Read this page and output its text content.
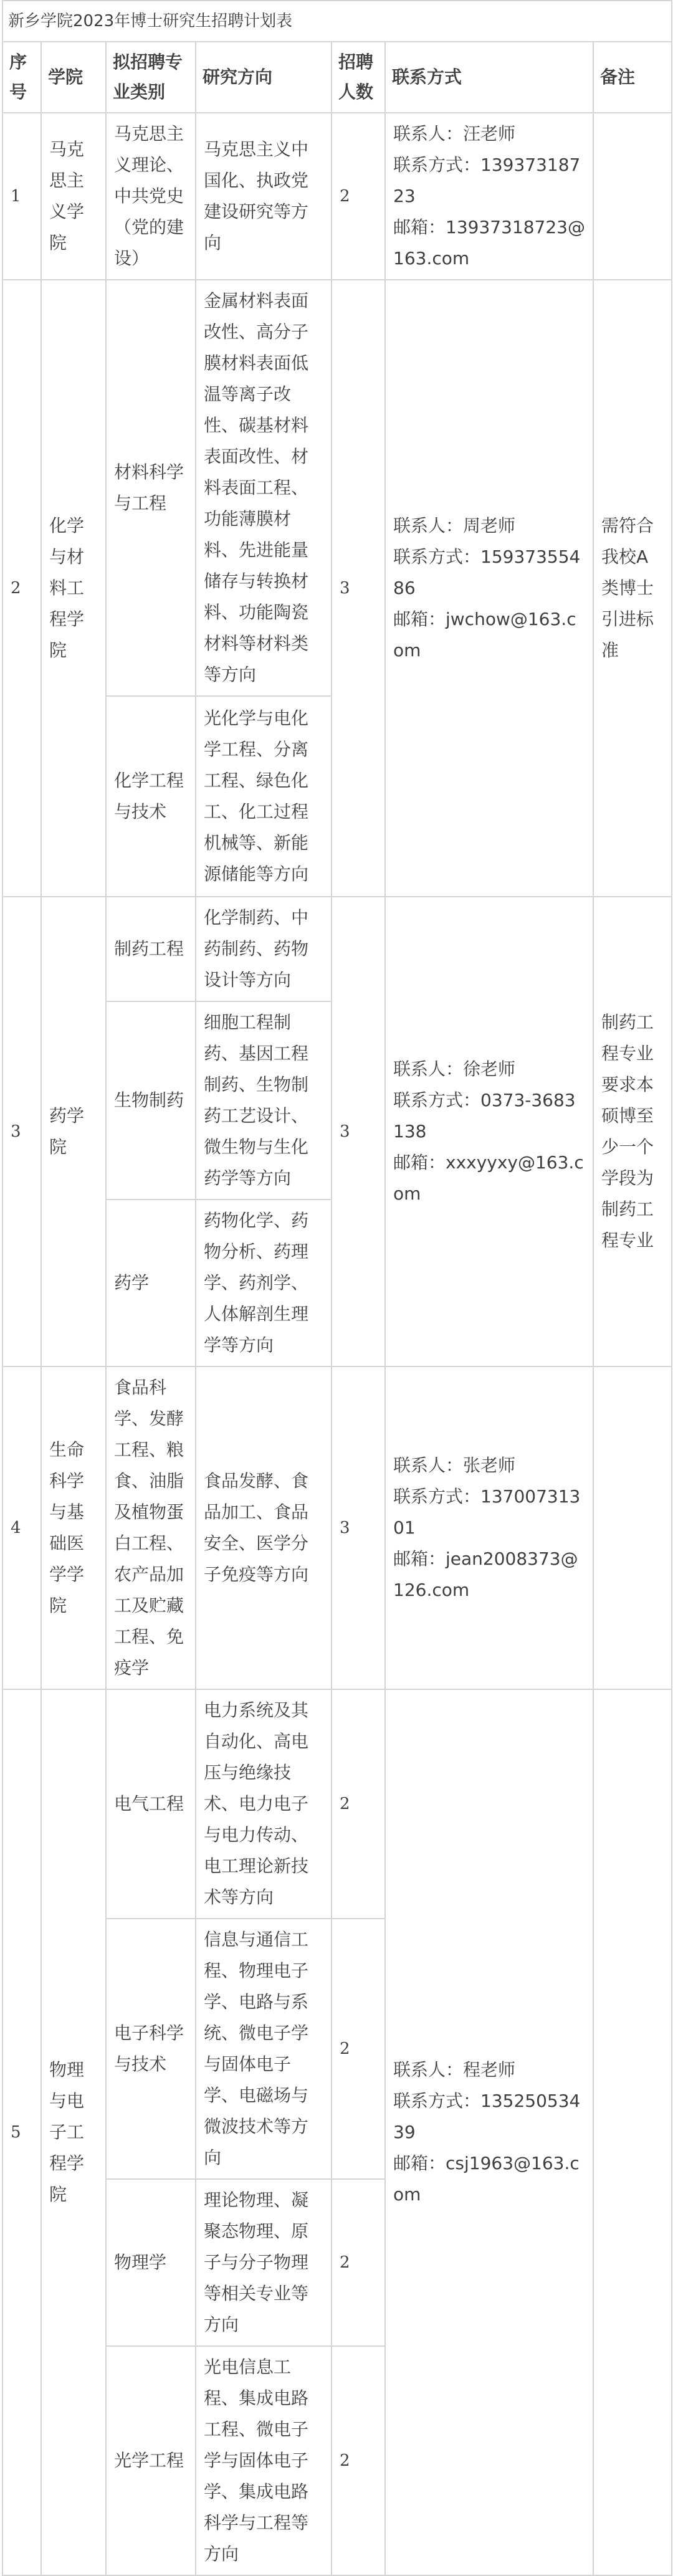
新乡学院2023年博士研究生招聘计划表						
序号	学院	拟招聘专业类别	研究方向	招聘人数	联系方式	备注
1	马克思主义学院	马克思主义理论、中共党史（党的建设）	马克思主义中国化、执政党建设研究等方向	2	联系人：汪老师
联系方式：13937318723
邮箱：13937318723@163.com	

2	化学与材料工程学院	材料科学与工程	金属材料表面改性、高分子膜材料表面低温等离子改性、碳基材料表面改性、材料表面工程、功能薄膜材料、先进能量储存与转换材料、功能陶瓷材料等材料类等方向	3	联系人：周老师
联系方式：15937355486
邮箱：jwchow@163.com	需符合我校A类博士引进标准
		化学工程与技术	光化学与电化学工程、分离工程、绿色化工、化工过程机械等、新能源储能等方向			
3	药学院	制药工程	化学制药、中药制药、药物设计等方向	3	联系人：徐老师
联系方式：0373-3683138
邮箱：xxxyyxy@163.com	制药工程专业要求本硕博至少一个学段为制药工程专业
		生物制药	细胞工程制药、基因工程制药、生物制药工艺设计、微生物与生化药学等方向			
		药学	药物化学、药物分析、药理学、药剂学、人体解剖生理学等方向			
4	生命科学与基础医学学院	食品科学、发酵工程、粮食、油脂及植物蛋白工程、农产品加工及贮藏工程、免疫学	食品发酵、食品加工、食品安全、医学分子免疫等方向	3	联系人：张老师
联系方式：13700731301
邮箱：jean2008373@126.com	

5	物理与电子工程学院	电气工程	电力系统及其自动化、高电压与绝缘技术、电力电子与电力传动、电工理论新技术等方向	2	联系人：程老师
联系方式：13525053439
邮箱：csj1963@163.com	

		电子科学与技术	信息与通信工程、物理电子学、电路与系统、微电子学与固体电子学、电磁场与微波技术等方向	2		
		物理学	理论物理、凝聚态物理、原子与分子物理等相关专业等方向	2		
		光学工程	光电信息工程、集成电路工程、微电子学与固体电子学、集成电路科学与工程等方向	2		
